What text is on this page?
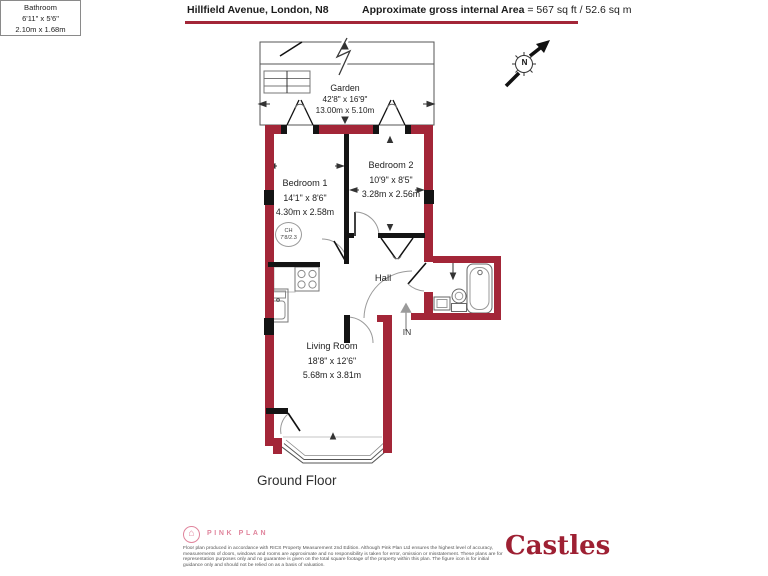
Hillfield Avenue, London, N8	Approximate gross internal Area = 567 sq ft / 52.6 sq m
Garden
42'8" x 16'9"
13.00m x 5.10m
Bedroom 1
14'1" x 8'6"
4.30m x 2.58m
Bedroom 2
10'9" x 8'5"
3.28m x 2.56m
Bathroom
6'11" x 5'6"
2.10m x 1.68m
Hall
IN
Living Room
18'8" x 12'6"
5.68m x 3.81m
CH
7'8/2.3
N
Ground Floor
⌂	PINK PLAN
Floor plan produced in accordance with RICS Property Measurement 2nd Edition. Although Pink Plan Ltd ensures the highest level of accuracy, measurements of doors, windows and rooms are approximate and no responsibility is taken for error, omission or misstatement. These plans are for representation purposes only and no guarantee is given on the total square footage of the property within this plan. The figure icon is for initial guidance only and should not be relied on as a basis of valuation.
Castles
